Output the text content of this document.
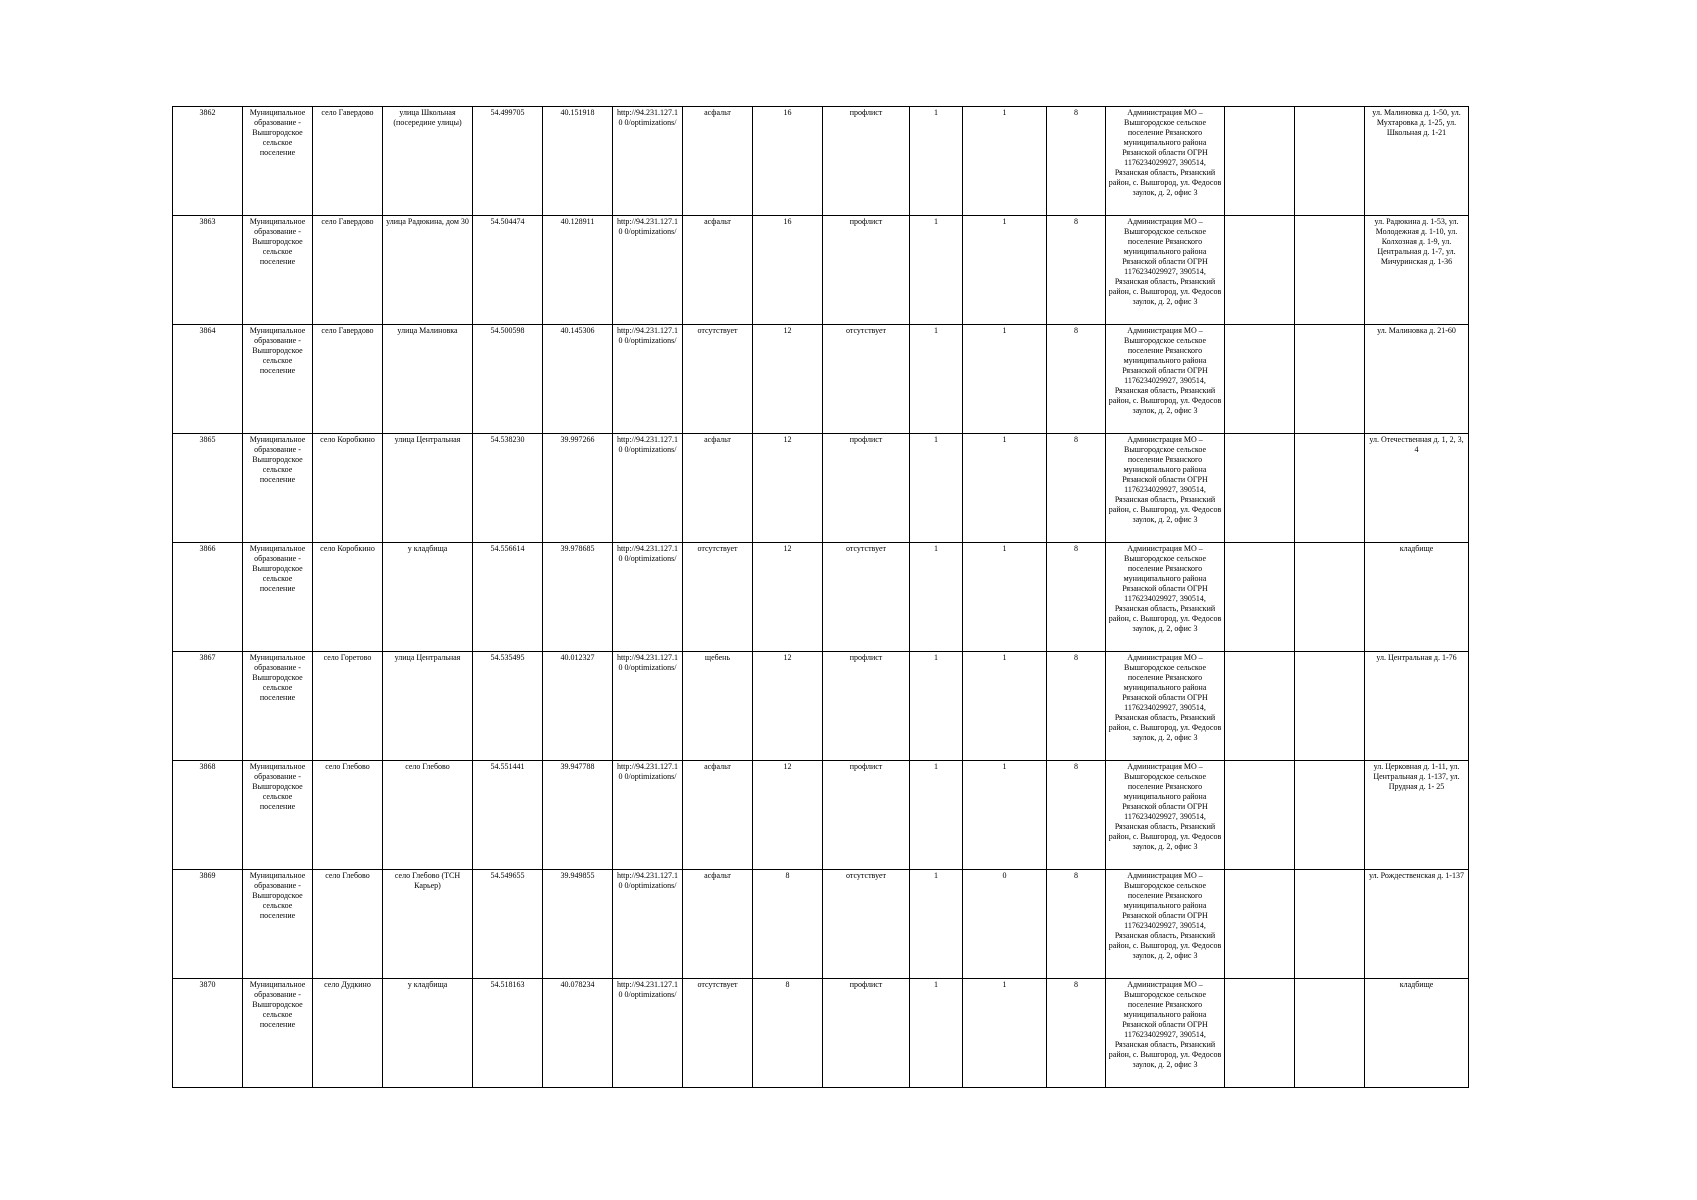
3862	Муниципальное образование - Вышгородское сельское поселение	село Гавердово	улица Школьная (посередине улицы)	54.499705	40.151918	http://94.231.127.10 0/optimizations/	асфальт	16	профлист	1	1	8	Администрация МО – Вышгородское сельское поселение Рязанского муниципального района Рязанской области ОГРН 1176234029927, 390514, Рязанская область, Рязанский район, с. Вышгород, ул. Федосов заулок, д. 2, офис 3			ул. Малиновка д. 1-50, ул. Мухтаровка д. 1-25, ул. Школьная д. 1-21
3863	Муниципальное образование - Вышгородское сельское поселение	село Гавердово	улица Радюкина, дом 30	54.504474	40.128911	http://94.231.127.10 0/optimizations/	асфальт	16	профлист	1	1	8	Администрация МО – Вышгородское сельское поселение Рязанского муниципального района Рязанской области ОГРН 1176234029927, 390514, Рязанская область, Рязанский район, с. Вышгород, ул. Федосов заулок, д. 2, офис 3			ул. Радюкина д. 1-53, ул. Молодежная д. 1-10, ул. Колхозная д. 1-9, ул. Центральная д. 1-7, ул. Мичуринская д. 1-36
3864	Муниципальное образование - Вышгородское сельское поселение	село Гавердово	улица Малиновка	54.500598	40.145306	http://94.231.127.10 0/optimizations/	отсутствует	12	отсутствует	1	1	8	Администрация МО – Вышгородское сельское поселение Рязанского муниципального района Рязанской области ОГРН 1176234029927, 390514, Рязанская область, Рязанский район, с. Вышгород, ул. Федосов заулок, д. 2, офис 3			ул. Малиновка д. 21-60
3865	Муниципальное образование - Вышгородское сельское поселение	село Коробкино	улица Центральная	54.538230	39.997266	http://94.231.127.10 0/optimizations/	асфальт	12	профлист	1	1	8	Администрация МО – Вышгородское сельское поселение Рязанского муниципального района Рязанской области ОГРН 1176234029927, 390514, Рязанская область, Рязанский район, с. Вышгород, ул. Федосов заулок, д. 2, офис 3			ул. Отечественная д. 1, 2, 3, 4
3866	Муниципальное образование - Вышгородское сельское поселение	село Коробкино	у кладбища	54.556614	39.978685	http://94.231.127.10 0/optimizations/	отсутствует	12	отсутствует	1	1	8	Администрация МО – Вышгородское сельское поселение Рязанского муниципального района Рязанской области ОГРН 1176234029927, 390514, Рязанская область, Рязанский район, с. Вышгород, ул. Федосов заулок, д. 2, офис 3			кладбище
3867	Муниципальное образование - Вышгородское сельское поселение	село Горетово	улица Центральная	54.535495	40.012327	http://94.231.127.10 0/optimizations/	щебень	12	профлист	1	1	8	Администрация МО – Вышгородское сельское поселение Рязанского муниципального района Рязанской области ОГРН 1176234029927, 390514, Рязанская область, Рязанский район, с. Вышгород, ул. Федосов заулок, д. 2, офис 3			ул. Центральная д. 1-76
3868	Муниципальное образование - Вышгородское сельское поселение	село Глебово	село Глебово	54.551441	39.947788	http://94.231.127.10 0/optimizations/	асфальт	12	профлист	1	1	8	Администрация МО – Вышгородское сельское поселение Рязанского муниципального района Рязанской области ОГРН 1176234029927, 390514, Рязанская область, Рязанский район, с. Вышгород, ул. Федосов заулок, д. 2, офис 3			ул. Церковная д. 1-11, ул. Центральная д. 1-137, ул. Прудная д. 1- 25
3869	Муниципальное образование - Вышгородское сельское поселение	село Глебово	село Глебово (ТСН Карьер)	54.549655	39.949855	http://94.231.127.10 0/optimizations/	асфальт	8	отсутствует	1	0	8	Администрация МО – Вышгородское сельское поселение Рязанского муниципального района Рязанской области ОГРН 1176234029927, 390514, Рязанская область, Рязанский район, с. Вышгород, ул. Федосов заулок, д. 2, офис 3			ул. Рождественская д. 1-137
3870	Муниципальное образование - Вышгородское сельское поселение	село Дудкино	у кладбища	54.518163	40.078234	http://94.231.127.10 0/optimizations/	отсутствует	8	профлист	1	1	8	Администрация МО – Вышгородское сельское поселение Рязанского муниципального района Рязанской области ОГРН 1176234029927, 390514, Рязанская область, Рязанский район, с. Вышгород, ул. Федосов заулок, д. 2, офис 3			кладбище
